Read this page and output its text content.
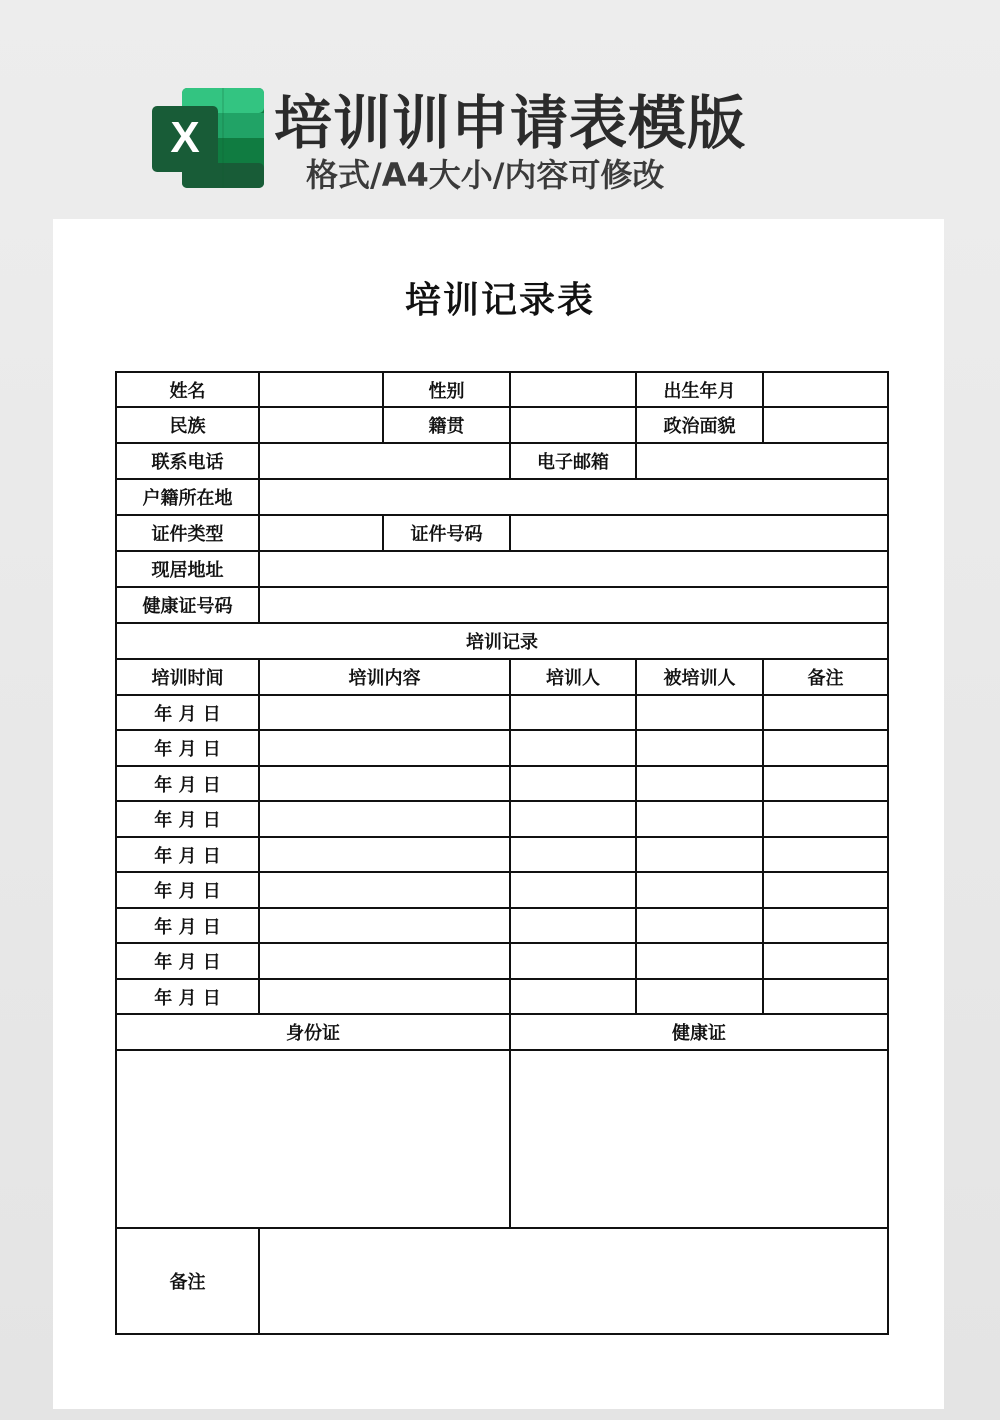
X 培训训申请表模版

格式/A4大小/内容可修改

培训记录表
姓名		性别		出生年月	
民族		籍贯		政治面貌	
联系电话			电子邮箱		
户籍所在地					
证件类型		证件号码			
现居地址					
健康证号码					
培训记录					
培训时间	培训内容		培训人	被培训人	备注
年 月 日					
年 月 日					
年 月 日					
年 月 日					
年 月 日					
年 月 日					
年 月 日					
年 月 日					
年 月 日					
身份证			健康证		

备注					
